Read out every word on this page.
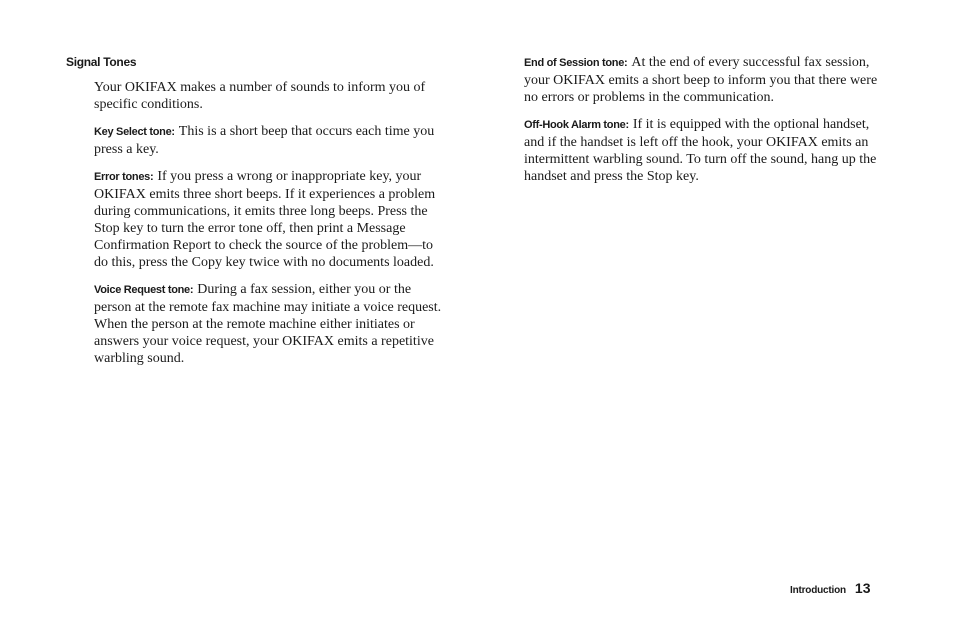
Signal Tones

Your OKIFAX makes a number of sounds to inform you of specific conditions.

Key Select tone: This is a short beep that occurs each time you press a key.

Error tones: If you press a wrong or inappropriate key, your OKIFAX emits three short beeps. If it experiences a problem during communications, it emits three long beeps. Press the Stop key to turn the error tone off, then print a Message Confirmation Report to check the source of the problem—to do this, press the Copy key twice with no documents loaded.

Voice Request tone: During a fax session, either you or the person at the remote fax machine may initiate a voice request. When the person at the remote machine either initiates or answers your voice request, your OKIFAX emits a repetitive warbling sound.

End of Session tone: At the end of every successful fax session, your OKIFAX emits a short beep to inform you that there were no errors or problems in the communication.

Off-Hook Alarm tone: If it is equipped with the optional handset, and if the handset is left off the hook, your OKIFAX emits an intermittent warbling sound. To turn off the sound, hang up the handset and press the Stop key.

Introduction 13
